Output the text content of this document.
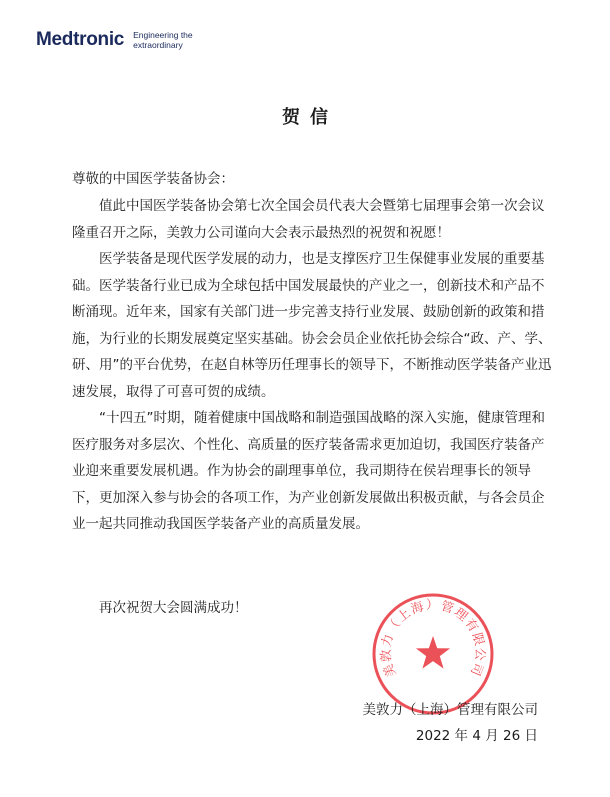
Medtronic Engineering the
extraordinary
贺信
尊敬的中国医学装备协会：

值此中国医学装备协会第七次全国会员代表大会暨第七届理事会第一次会议隆重召开之际，美敦力公司谨向大会表示最热烈的祝贺和祝愿！

医学装备是现代医学发展的动力，也是支撑医疗卫生保健事业发展的重要基础。医学装备行业已成为全球包括中国发展最快的产业之一，创新技术和产品不断涌现。近年来，国家有关部门进一步完善支持行业发展、鼓励创新的政策和措施，为行业的长期发展奠定坚实基础。协会会员企业依托协会综合“政、产、学、研、用”的平台优势，在赵自林等历任理事长的领导下，不断推动医学装备产业迅速发展，取得了可喜可贺的成绩。

“十四五”时期，随着健康中国战略和制造强国战略的深入实施，健康管理和医疗服务对多层次、个性化、高质量的医疗装备需求更加迫切，我国医疗装备产业迎来重要发展机遇。作为协会的副理事单位，我司期待在侯岩理事长的领导下，更加深入参与协会的各项工作，为产业创新发展做出积极贡献，与各会员企业一起共同推动我国医学装备产业的高质量发展。

再次祝贺大会圆满成功！
美敦力（上海）管理有限公司
美敦力（上海）管理有限公司
2022 年 4 月 26 日
